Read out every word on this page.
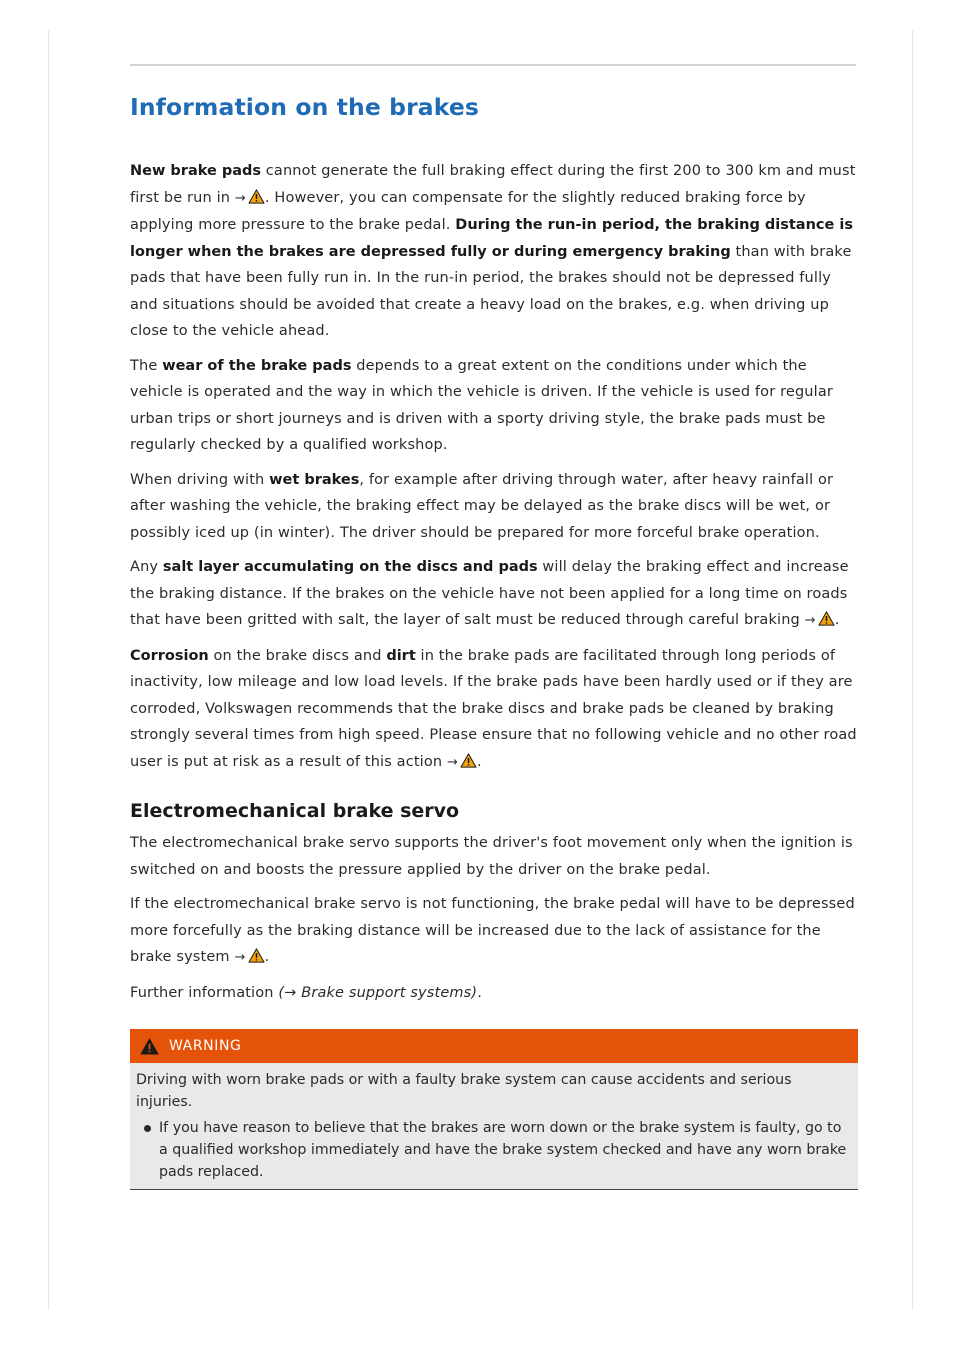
Information on the brakes

New brake pads cannot generate the full braking effect during the first 200 to 300 km and must first be run in → . However, you can compensate for the slightly reduced braking force by applying more pressure to the brake pedal. During the run-in period, the braking distance is longer when the brakes are depressed fully or during emergency braking than with brake pads that have been fully run in. In the run-in period, the brakes should not be depressed fully and situations should be avoided that create a heavy load on the brakes, e.g. when driving up close to the vehicle ahead.

The wear of the brake pads depends to a great extent on the conditions under which the vehicle is operated and the way in which the vehicle is driven. If the vehicle is used for regular urban trips or short journeys and is driven with a sporty driving style, the brake pads must be regularly checked by a qualified workshop.

When driving with wet brakes, for example after driving through water, after heavy rainfall or after washing the vehicle, the braking effect may be delayed as the brake discs will be wet, or possibly iced up (in winter). The driver should be prepared for more forceful brake operation.

Any salt layer accumulating on the discs and pads will delay the braking effect and increase the braking distance. If the brakes on the vehicle have not been applied for a long time on roads that have been gritted with salt, the layer of salt must be reduced through careful braking → .

Corrosion on the brake discs and dirt in the brake pads are facilitated through long periods of inactivity, low mileage and low load levels. If the brake pads have been hardly used or if they are corroded, Volkswagen recommends that the brake discs and brake pads be cleaned by braking strongly several times from high speed. Please ensure that no following vehicle and no other road user is put at risk as a result of this action → .

Electromechanical brake servo

The electromechanical brake servo supports the driver's foot movement only when the ignition is switched on and boosts the pressure applied by the driver on the brake pedal.

If the electromechanical brake servo is not functioning, the brake pedal will have to be depressed more forcefully as the braking distance will be increased due to the lack of assistance for the brake system → .

Further information (→ Brake support systems).

WARNING

Driving with worn brake pads or with a faulty brake system can cause accidents and serious injuries.

If you have reason to believe that the brakes are worn down or the brake system is faulty, go to a qualified workshop immediately and have the brake system checked and have any worn brake pads replaced.
